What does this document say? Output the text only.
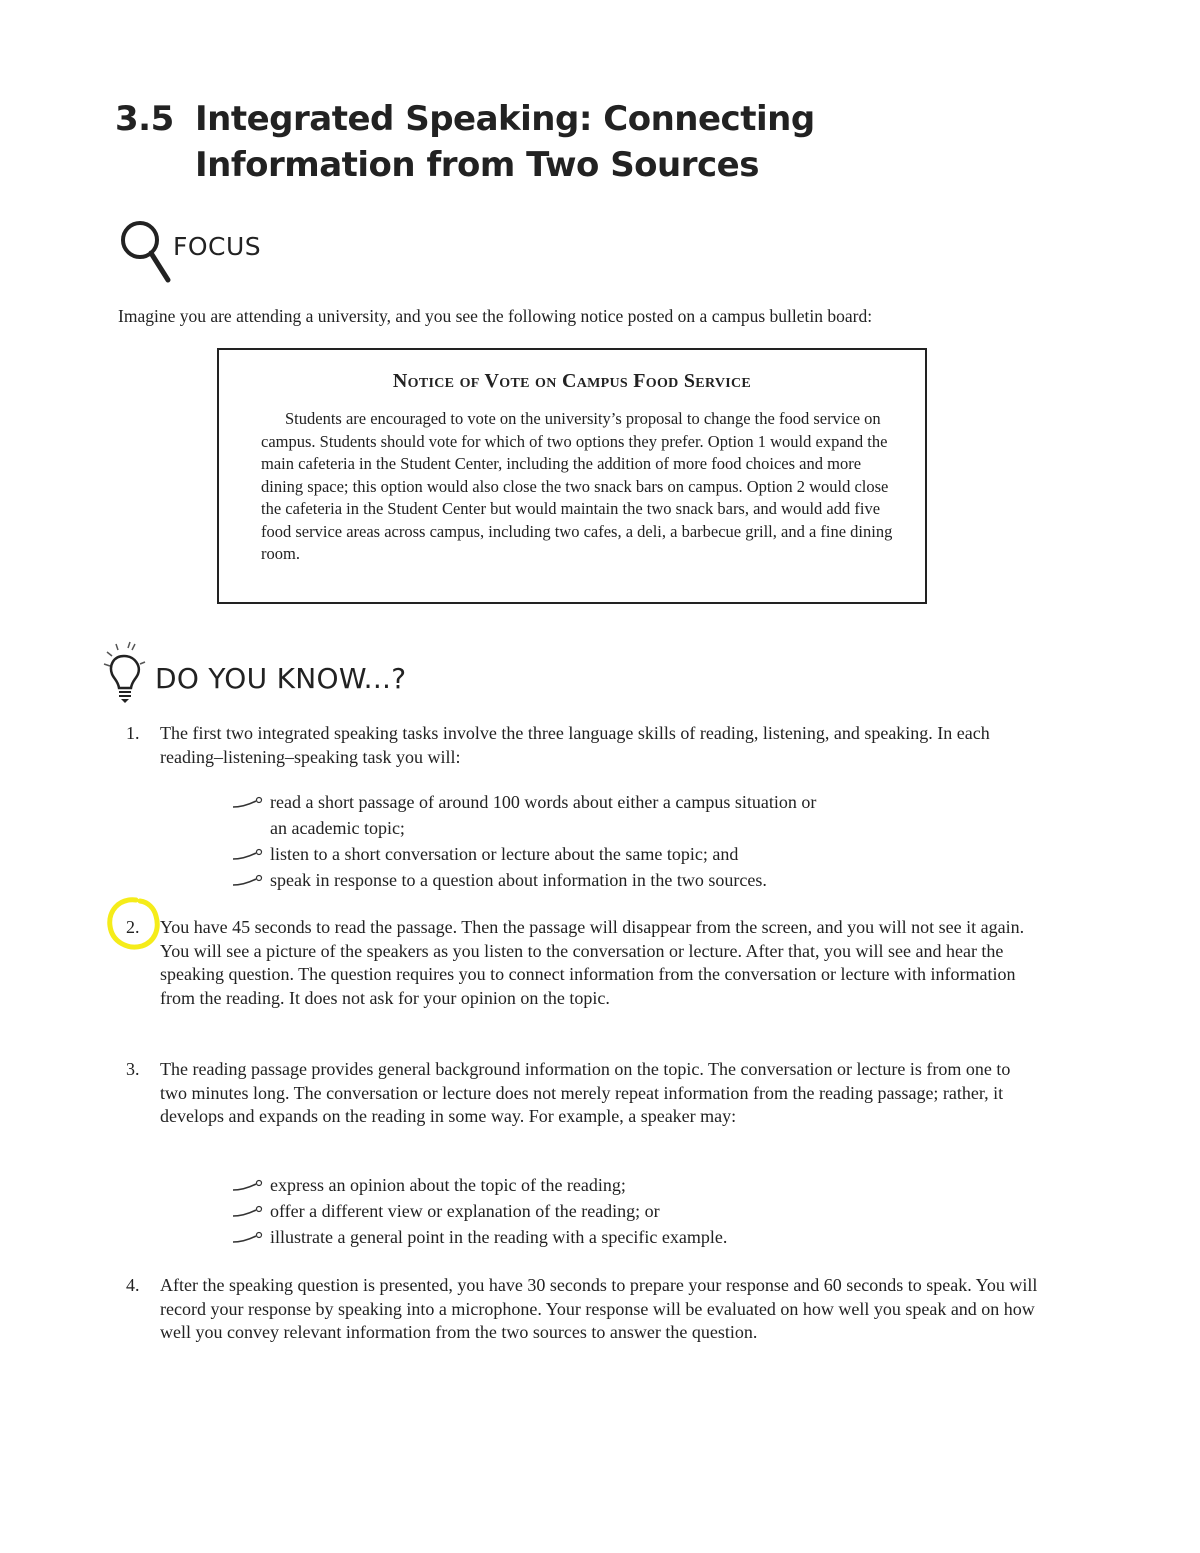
3.5 Integrated Speaking: Connecting
Information from Two Sources
FOCUS
Imagine you are attending a university, and you see the following notice posted on a campus bulletin board:
Notice of Vote on Campus Food Service
Students are encouraged to vote on the university’s proposal to change the food service on campus. Students should vote for which of two options they prefer. Option 1 would expand the main cafeteria in the Student Center, including the addition of more food choices and more dining space; this option would also close the two snack bars on campus. Option 2 would close the cafeteria in the Student Center but would maintain the two snack bars, and would add five food service areas across campus, including two cafes, a deli, a barbecue grill, and a fine dining room.
DO YOU KNOW...?
1. The first two integrated speaking tasks involve the three language skills of reading, listening, and speaking. In each reading–listening–speaking task you will:
read a short passage of around 100 words about either a campus situation or
an academic topic;
listen to a short conversation or lecture about the same topic; and
speak in response to a question about information in the two sources.
2. You have 45 seconds to read the passage. Then the passage will disappear from the screen, and you will not see it again. You will see a picture of the speakers as you listen to the conversation or lecture. After that, you will see and hear the speaking question. The question requires you to connect information from the conversation or lecture with information from the reading. It does not ask for your opinion on the topic.
3. The reading passage provides general background information on the topic. The conversation or lecture is from one to two minutes long. The conversation or lecture does not merely repeat information from the reading passage; rather, it develops and expands on the reading in some way. For example, a speaker may:
express an opinion about the topic of the reading;
offer a different view or explanation of the reading; or
illustrate a general point in the reading with a specific example.
4. After the speaking question is presented, you have 30 seconds to prepare your response and 60 seconds to speak. You will record your response by speaking into a microphone. Your response will be evaluated on how well you speak and on how well you convey relevant information from the two sources to answer the question.
